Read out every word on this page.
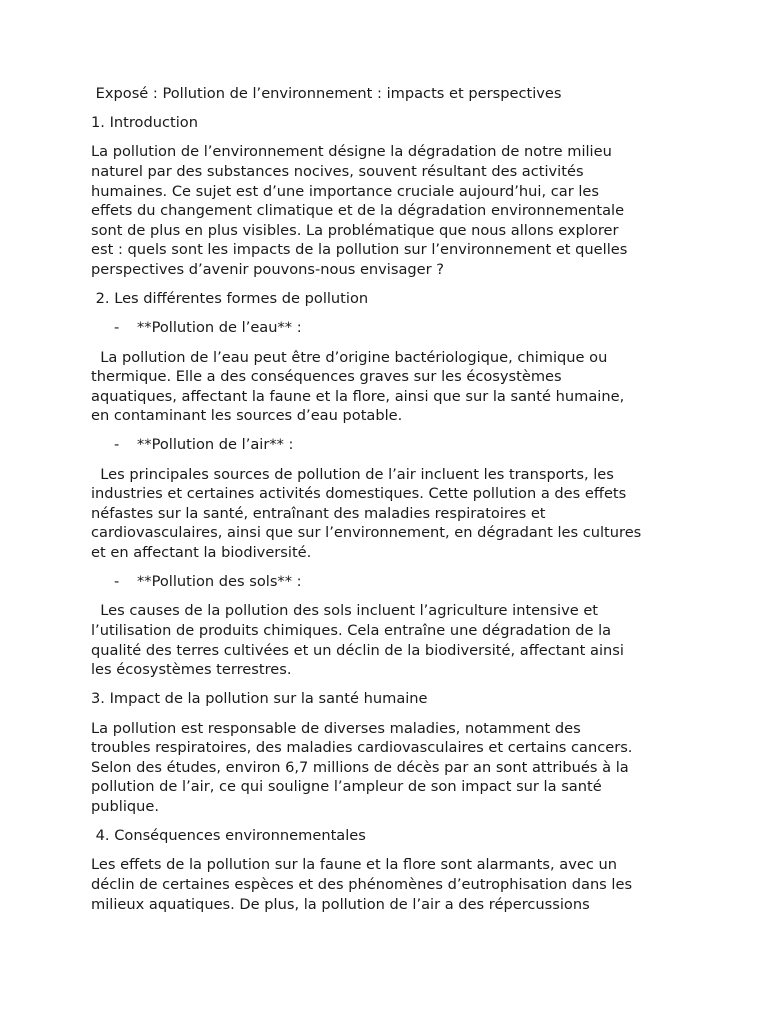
Exposé : Pollution de l’environnement : impacts et perspectives
1. Introduction
La pollution de l’environnement désigne la dégradation de notre milieu
naturel par des substances nocives, souvent résultant des activités
humaines. Ce sujet est d’une importance cruciale aujourd’hui, car les
effets du changement climatique et de la dégradation environnementale
sont de plus en plus visibles. La problématique que nous allons explorer
est : quels sont les impacts de la pollution sur l’environnement et quelles
perspectives d’avenir pouvons-nous envisager ?
2. Les différentes formes de pollution
- **Pollution de l’eau** :
La pollution de l’eau peut être d’origine bactériologique, chimique ou
thermique. Elle a des conséquences graves sur les écosystèmes
aquatiques, affectant la faune et la flore, ainsi que sur la santé humaine,
en contaminant les sources d’eau potable.
- **Pollution de l’air** :
Les principales sources de pollution de l’air incluent les transports, les
industries et certaines activités domestiques. Cette pollution a des effets
néfastes sur la santé, entraînant des maladies respiratoires et
cardiovasculaires, ainsi que sur l’environnement, en dégradant les cultures
et en affectant la biodiversité.
- **Pollution des sols** :
Les causes de la pollution des sols incluent l’agriculture intensive et
l’utilisation de produits chimiques. Cela entraîne une dégradation de la
qualité des terres cultivées et un déclin de la biodiversité, affectant ainsi
les écosystèmes terrestres.
3. Impact de la pollution sur la santé humaine
La pollution est responsable de diverses maladies, notamment des
troubles respiratoires, des maladies cardiovasculaires et certains cancers.
Selon des études, environ 6,7 millions de décès par an sont attribués à la
pollution de l’air, ce qui souligne l’ampleur de son impact sur la santé
publique.
4. Conséquences environnementales
Les effets de la pollution sur la faune et la flore sont alarmants, avec un
déclin de certaines espèces et des phénomènes d’eutrophisation dans les
milieux aquatiques. De plus, la pollution de l’air a des répercussions
